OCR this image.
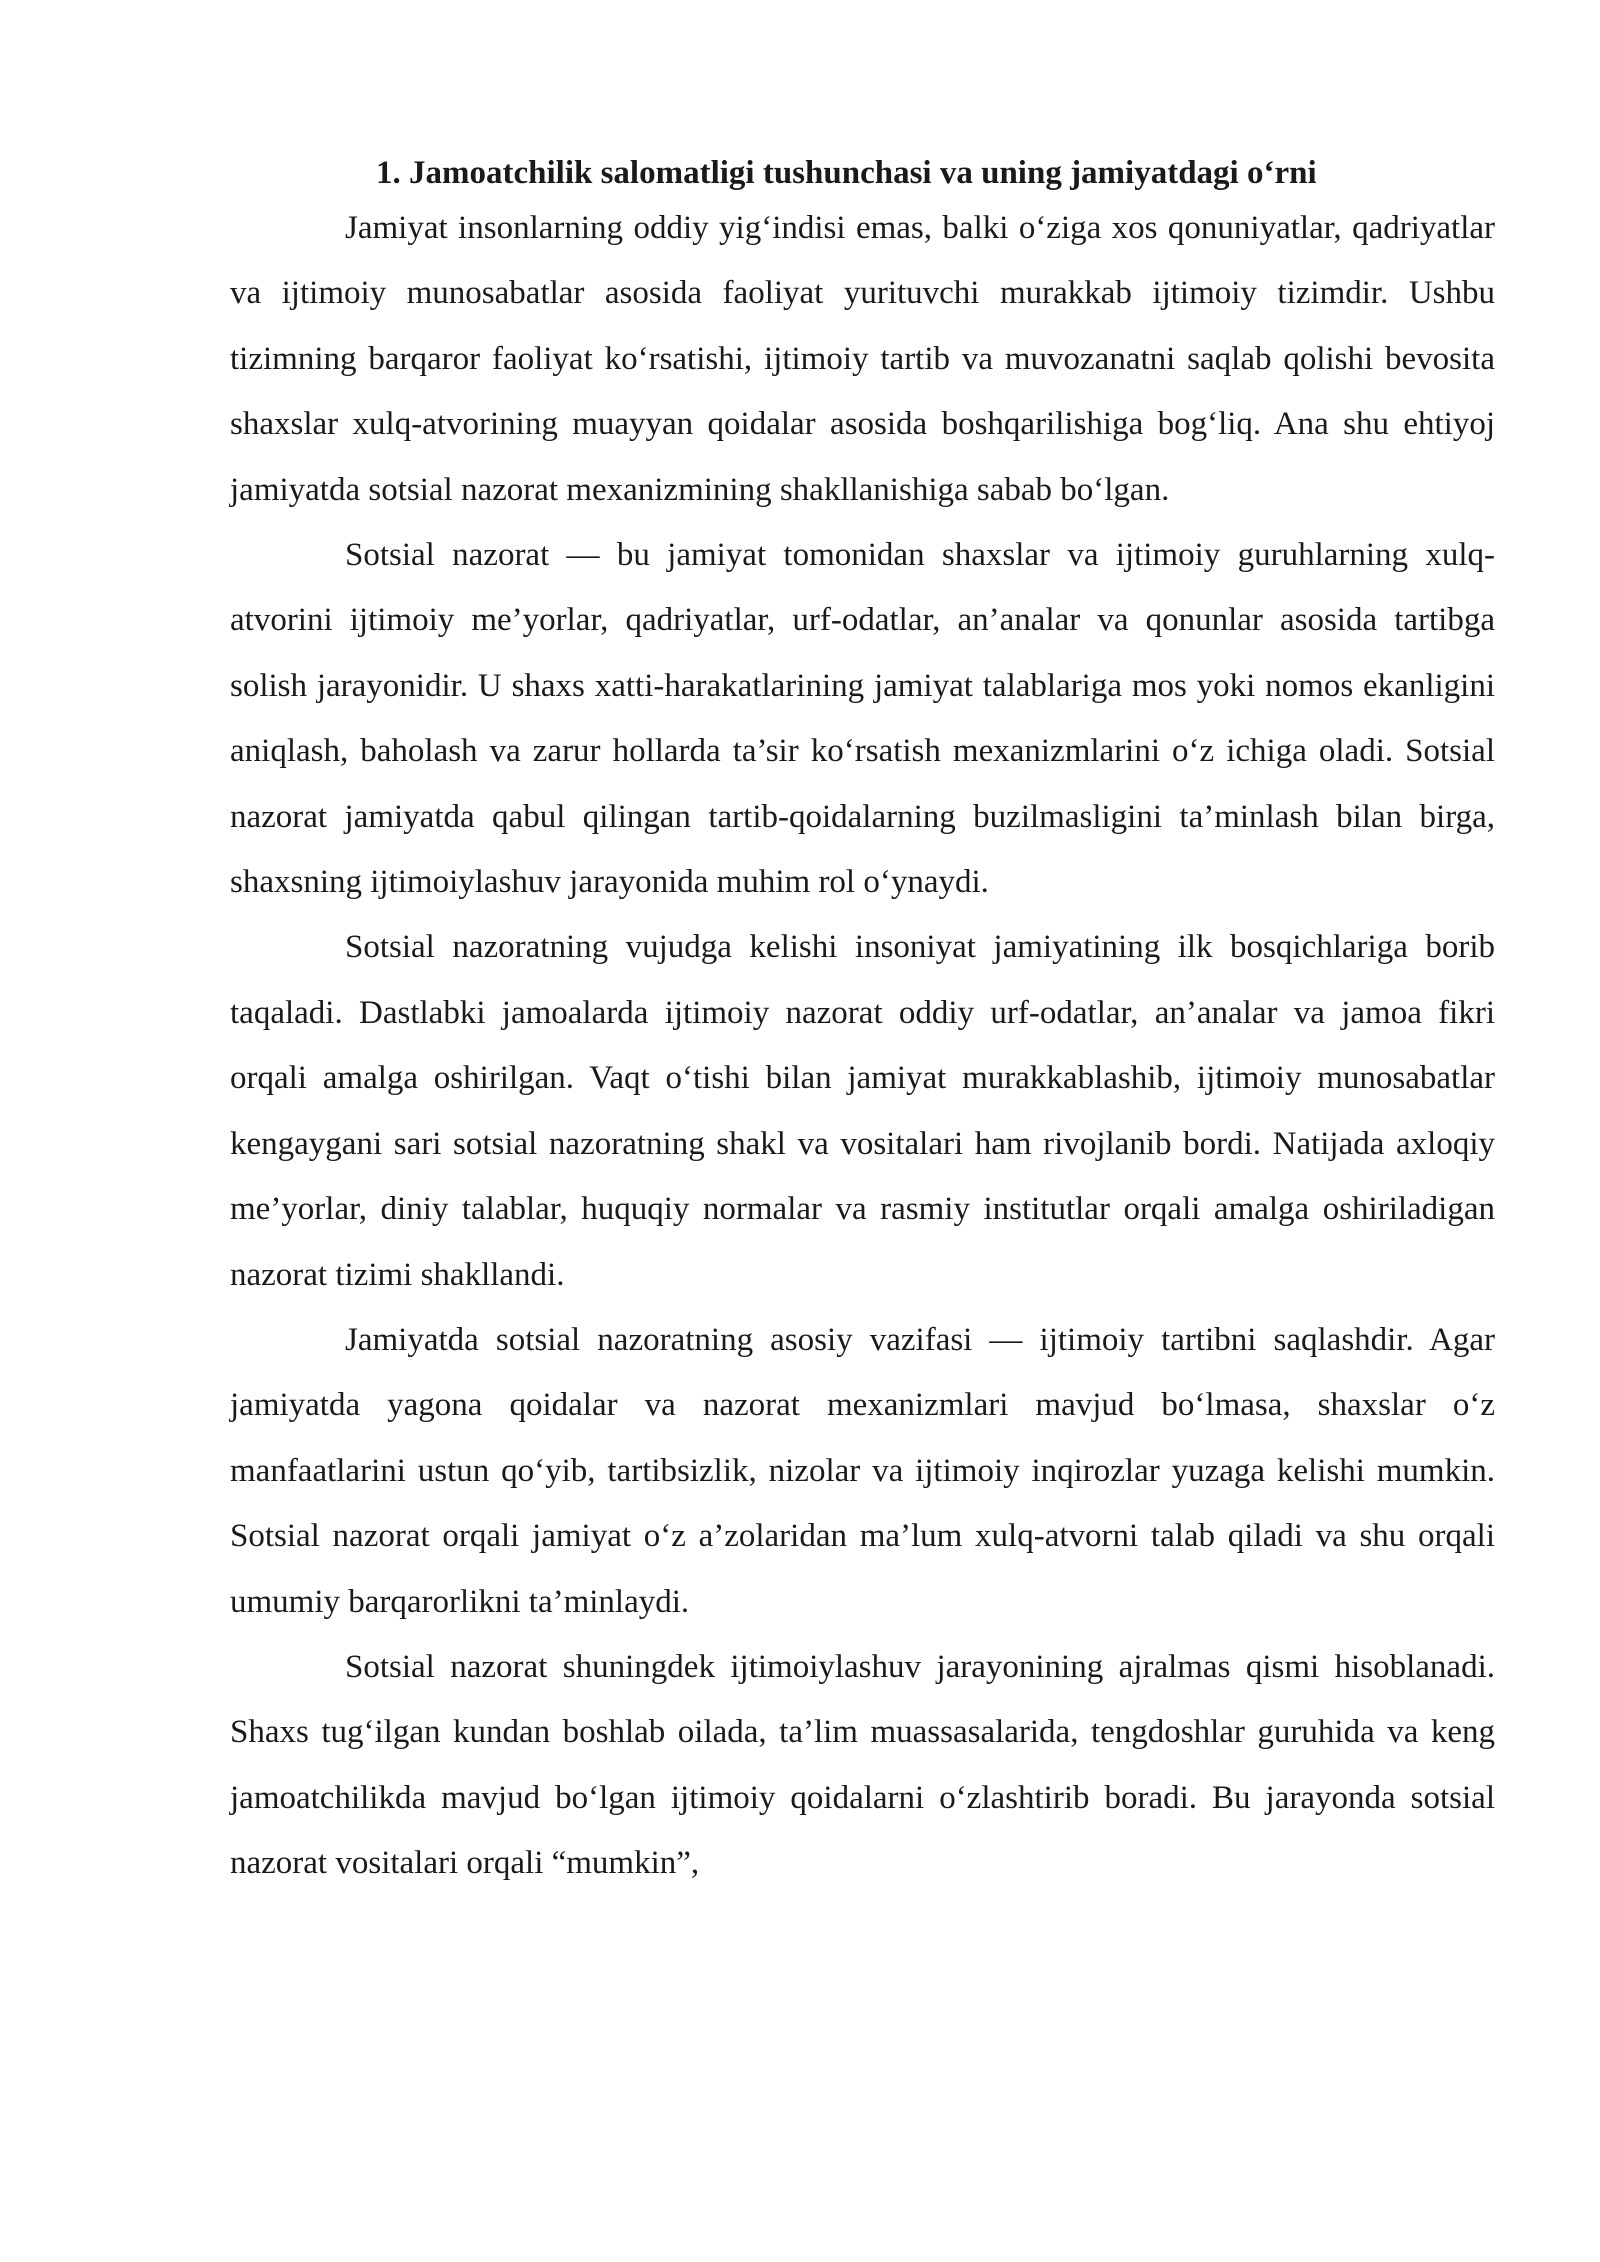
1. Jamoatchilik salomatligi tushunchasi va uning jamiyatdagi o‘rni

Jamiyat insonlarning oddiy yig‘indisi emas, balki o‘ziga xos qonuniyatlar, qadriyatlar va ijtimoiy munosabatlar asosida faoliyat yurituvchi murakkab ijtimoiy tizimdir. Ushbu tizimning barqaror faoliyat ko‘rsatishi, ijtimoiy tartib va muvozanatni saqlab qolishi bevosita shaxslar xulq-atvorining muayyan qoidalar asosida boshqarilishiga bog‘liq. Ana shu ehtiyoj jamiyatda sotsial nazorat mexanizmining shakllanishiga sabab bo‘lgan.

Sotsial nazorat — bu jamiyat tomonidan shaxslar va ijtimoiy guruhlarning xulq-atvorini ijtimoiy me’yorlar, qadriyatlar, urf-odatlar, an’analar va qonunlar asosida tartibga solish jarayonidir. U shaxs xatti-harakatlarining jamiyat talablariga mos yoki nomos ekanligini aniqlash, baholash va zarur hollarda ta’sir ko‘rsatish mexanizmlarini o‘z ichiga oladi. Sotsial nazorat jamiyatda qabul qilingan tartib-qoidalarning buzilmasligini ta’minlash bilan birga, shaxsning ijtimoiylashuv jarayonida muhim rol o‘ynaydi.

Sotsial nazoratning vujudga kelishi insoniyat jamiyatining ilk bosqichlariga borib taqaladi. Dastlabki jamoalarda ijtimoiy nazorat oddiy urf-odatlar, an’analar va jamoa fikri orqali amalga oshirilgan. Vaqt o‘tishi bilan jamiyat murakkablashib, ijtimoiy munosabatlar kengaygani sari sotsial nazoratning shakl va vositalari ham rivojlanib bordi. Natijada axloqiy me’yorlar, diniy talablar, huquqiy normalar va rasmiy institutlar orqali amalga oshiriladigan nazorat tizimi shakllandi.

Jamiyatda sotsial nazoratning asosiy vazifasi — ijtimoiy tartibni saqlashdir. Agar jamiyatda yagona qoidalar va nazorat mexanizmlari mavjud bo‘lmasa, shaxslar o‘z manfaatlarini ustun qo‘yib, tartibsizlik, nizolar va ijtimoiy inqirozlar yuzaga kelishi mumkin. Sotsial nazorat orqali jamiyat o‘z a’zolaridan ma’lum xulq-atvorni talab qiladi va shu orqali umumiy barqarorlikni ta’minlaydi.

Sotsial nazorat shuningdek ijtimoiylashuv jarayonining ajralmas qismi hisoblanadi. Shaxs tug‘ilgan kundan boshlab oilada, ta’lim muassasalarida, tengdoshlar guruhida va keng jamoatchilikda mavjud bo‘lgan ijtimoiy qoidalarni o‘zlashtirib boradi. Bu jarayonda sotsial nazorat vositalari orqali “mumkin”,
